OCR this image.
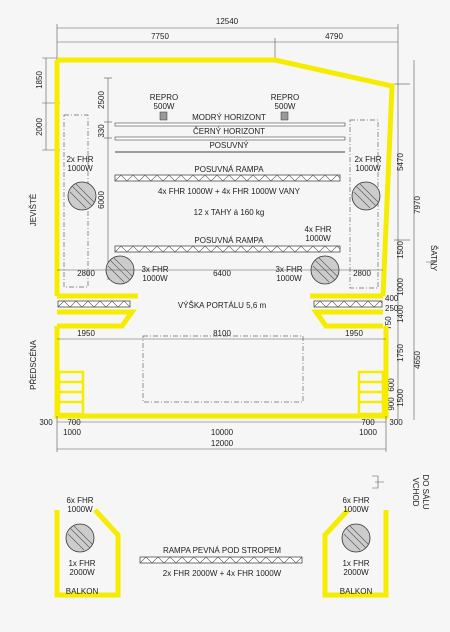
12540
7750	4790
1850
2000
2500
330
6000
5470
7970
1500
1000
400
250
750
1400
1750 4650
600
900 1500
REPRO
500W
REPRO
500W
MODRÝ HORIZONT
ČERNÝ HORIZONT
POSUVNÝ
POSUVNÁ RAMPA
4x FHR 1000W + 4x FHR 1000W VANY
12 x TAHY á 160 kg
POSUVNÁ RAMPA
4x FHR
1000W
2x FHR
1000W
2x FHR
1000W
3x FHR
1000W
3x FHR
1000W
2800	6400	2800
VÝŠKA PORTÁLU 5,6 m
1950	8100	1950
JEVIŠTĚ
PŘEDSCÉNA
ŠATNY
300 700
1000	10000
700
1000
300
12000
VCHOD DO SÁLU
6x FHR
1000W
1x FHR
2000W
BALKON
6x FHR
1000W
1x FHR
2000W
BALKON
RAMPA PEVNÁ POD STROPEM
2x FHR 2000W + 4x FHR 1000W
